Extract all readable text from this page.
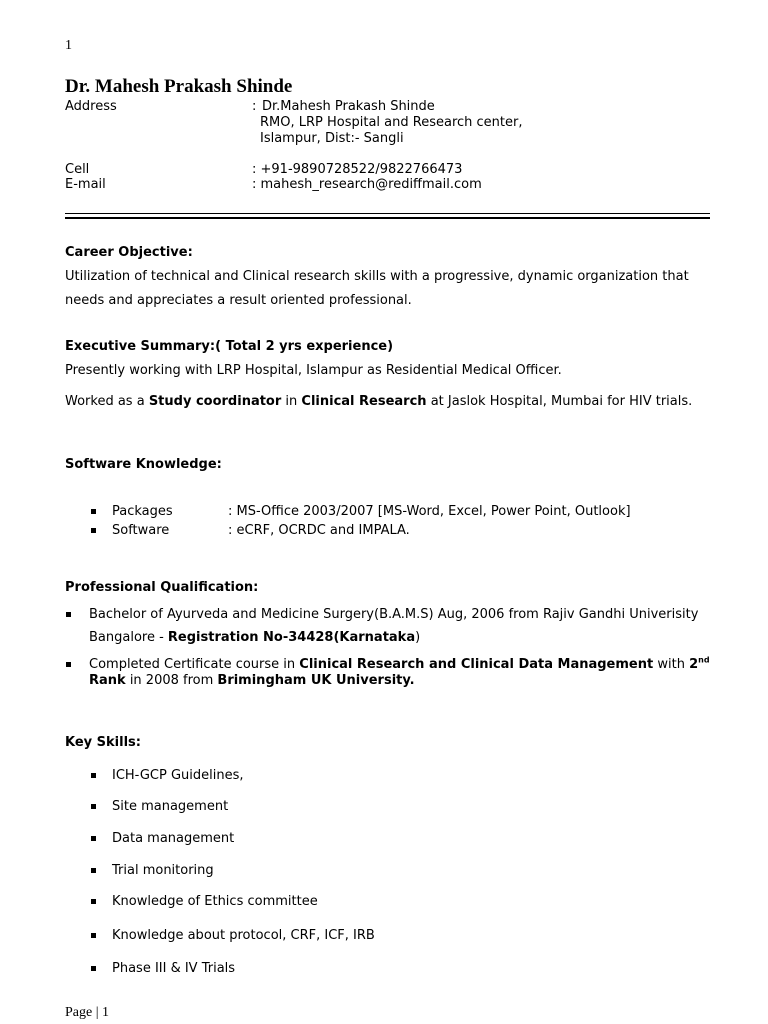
1
Dr. Mahesh Prakash Shinde
Address	: Dr.Mahesh Prakash Shinde
RMO, LRP Hospital and Research center,
Islampur, Dist:- Sangli
Cell	: +91-9890728522/9822766473
E-mail	: mahesh_research@rediffmail.com
Career Objective:
Utilization of technical and Clinical research skills with a progressive, dynamic organization that
needs and appreciates a result oriented professional.
Executive Summary:( Total 2 yrs experience)
Presently working with LRP Hospital, Islampur as Residential Medical Officer.
Worked as a Study coordinator in Clinical Research at Jaslok Hospital, Mumbai for HIV trials.
Software Knowledge:
Packages	: MS-Office 2003/2007 [MS-Word, Excel, Power Point, Outlook]
Software	: eCRF, OCRDC and IMPALA.
Professional Qualification:
Bachelor of Ayurveda and Medicine Surgery(B.A.M.S) Aug, 2006 from Rajiv Gandhi Univerisity
Bangalore - Registration No-34428(Karnataka)
Completed Certificate course in Clinical Research and Clinical Data Management with 2nd
Rank in 2008 from Brimingham UK University.
Key Skills:
ICH-GCP Guidelines,
Site management
Data management
Trial monitoring
Knowledge of Ethics committee
Knowledge about protocol, CRF, ICF, IRB
Phase III & IV Trials
Page | 1
